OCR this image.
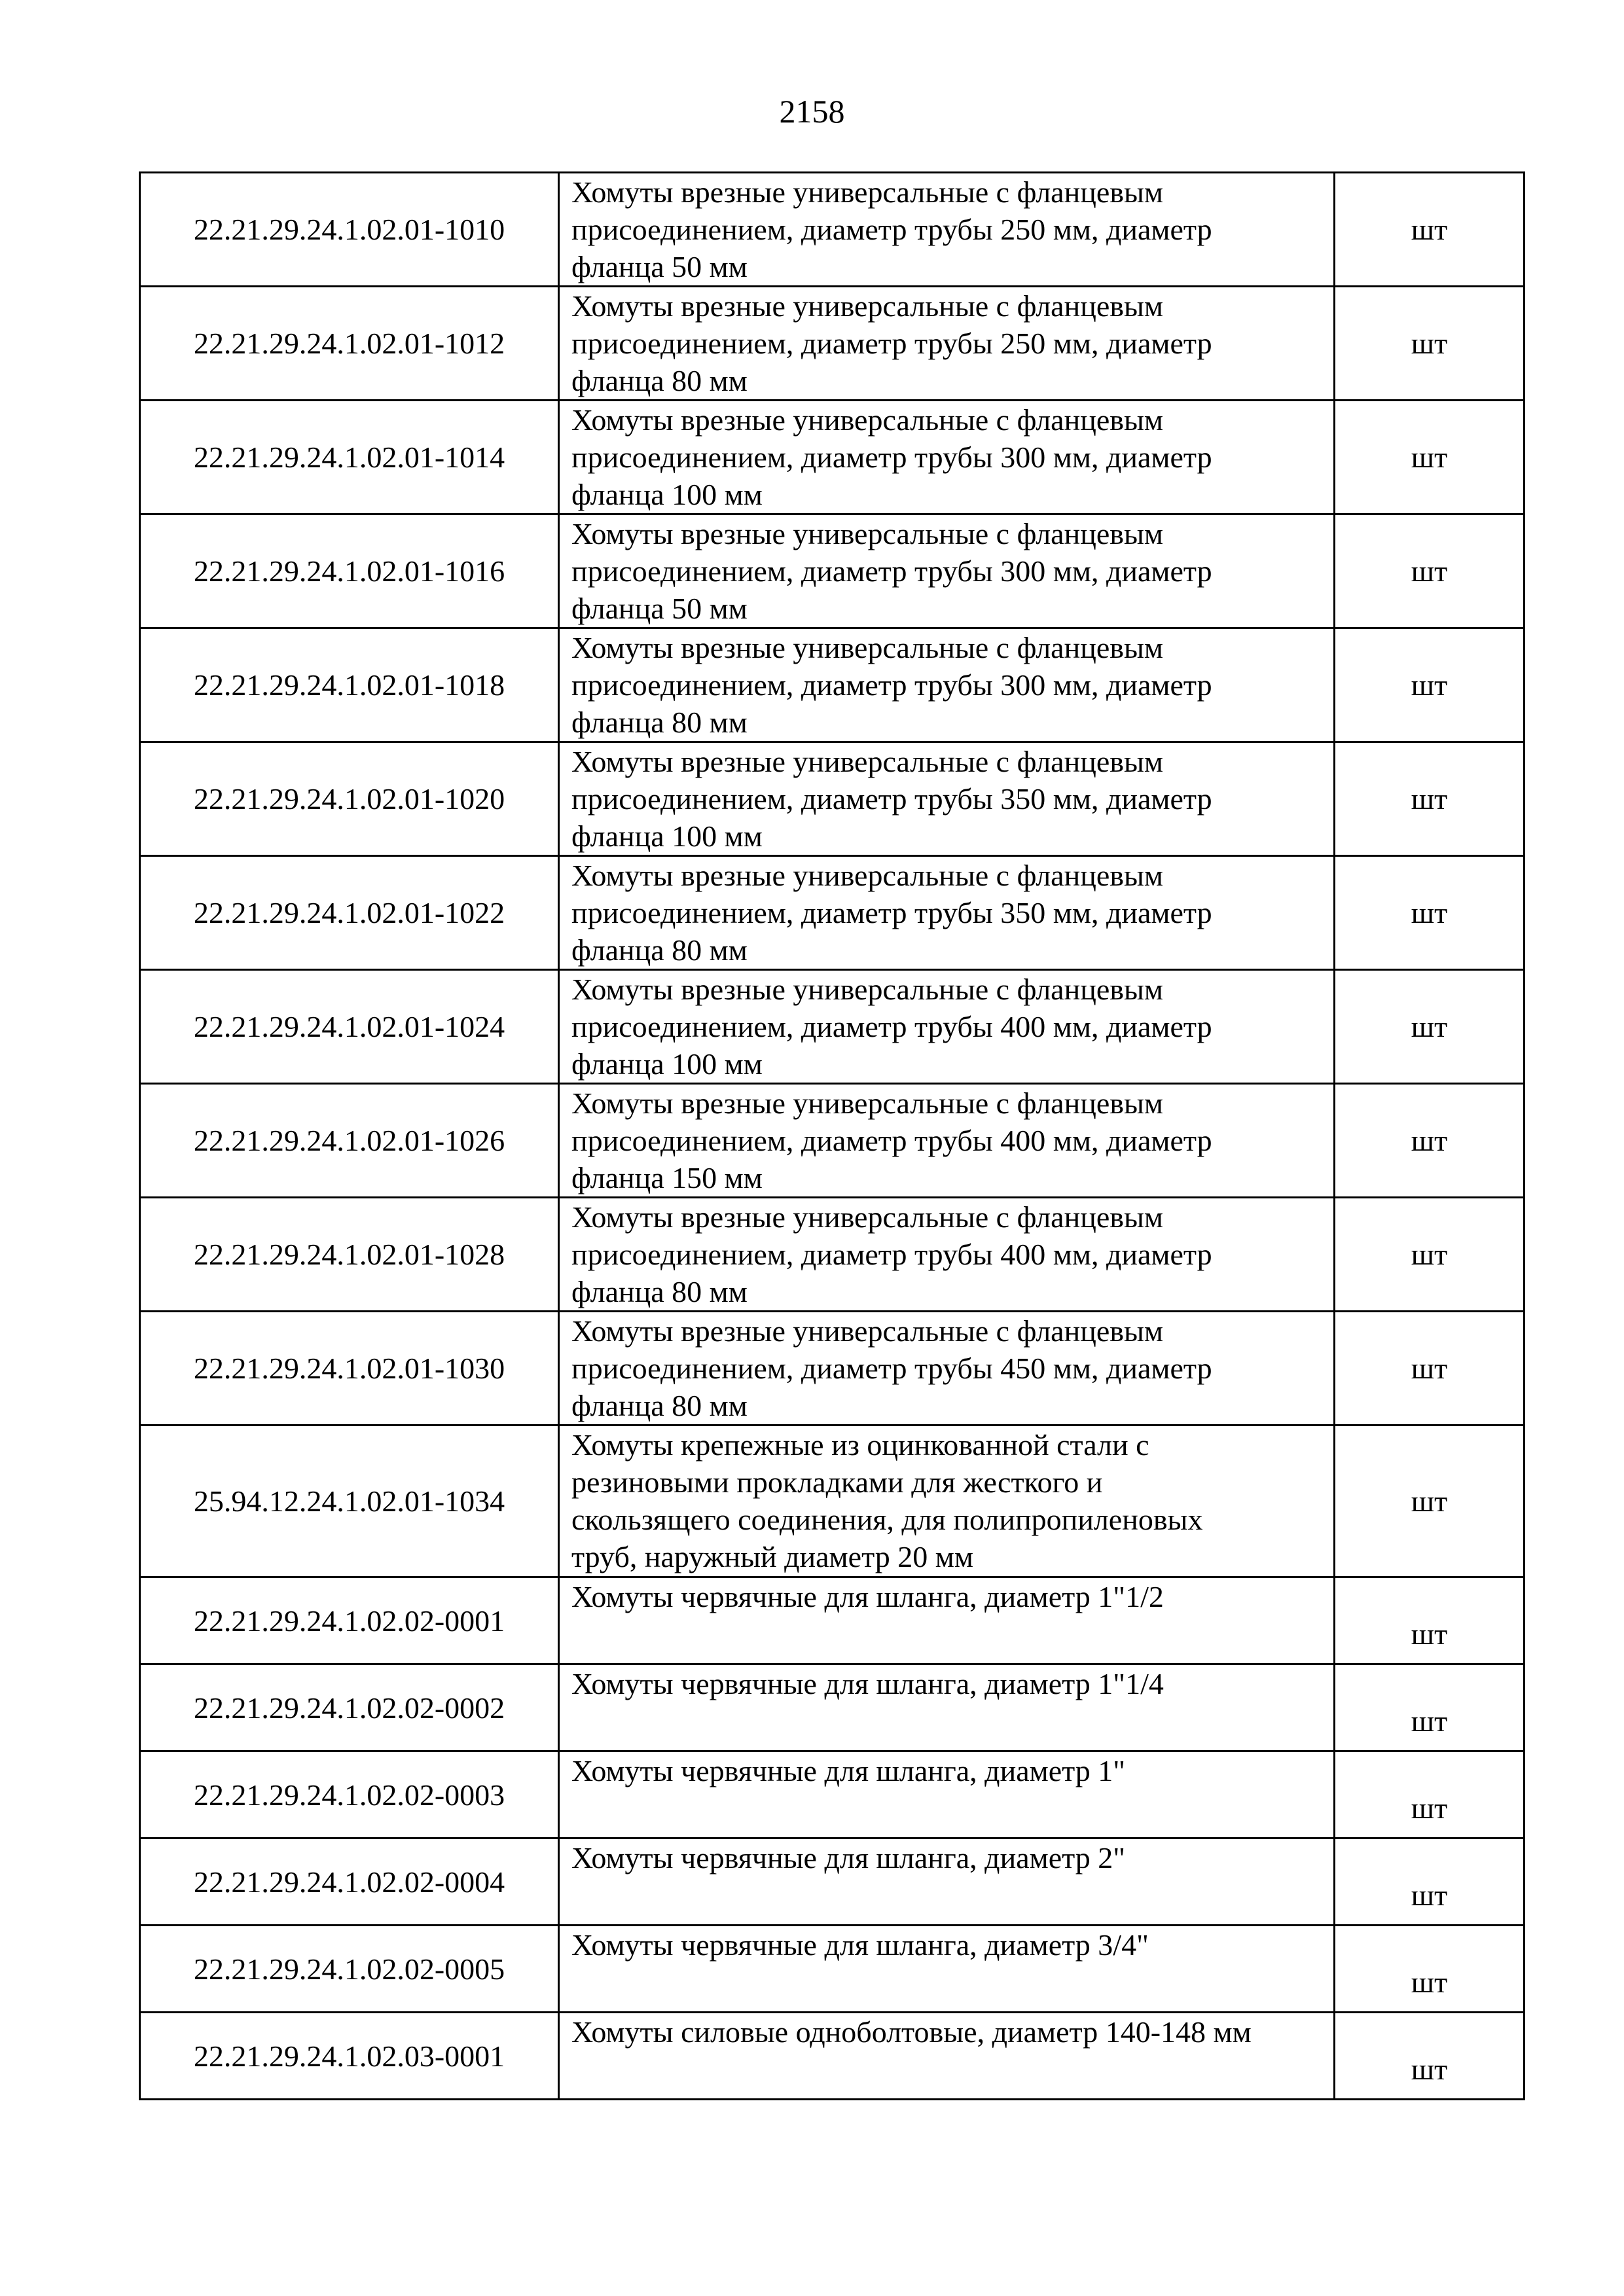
2158
22.21.29.24.1.02.01-1010	Хомуты врезные универсальные с фланцевым
присоединением, диаметр трубы 250 мм, диаметр
фланца 50 мм	шт
22.21.29.24.1.02.01-1012	Хомуты врезные универсальные с фланцевым
присоединением, диаметр трубы 250 мм, диаметр
фланца 80 мм	шт
22.21.29.24.1.02.01-1014	Хомуты врезные универсальные с фланцевым
присоединением, диаметр трубы 300 мм, диаметр
фланца 100 мм	шт
22.21.29.24.1.02.01-1016	Хомуты врезные универсальные с фланцевым
присоединением, диаметр трубы 300 мм, диаметр
фланца 50 мм	шт
22.21.29.24.1.02.01-1018	Хомуты врезные универсальные с фланцевым
присоединением, диаметр трубы 300 мм, диаметр
фланца 80 мм	шт
22.21.29.24.1.02.01-1020	Хомуты врезные универсальные с фланцевым
присоединением, диаметр трубы 350 мм, диаметр
фланца 100 мм	шт
22.21.29.24.1.02.01-1022	Хомуты врезные универсальные с фланцевым
присоединением, диаметр трубы 350 мм, диаметр
фланца 80 мм	шт
22.21.29.24.1.02.01-1024	Хомуты врезные универсальные с фланцевым
присоединением, диаметр трубы 400 мм, диаметр
фланца 100 мм	шт
22.21.29.24.1.02.01-1026	Хомуты врезные универсальные с фланцевым
присоединением, диаметр трубы 400 мм, диаметр
фланца 150 мм	шт
22.21.29.24.1.02.01-1028	Хомуты врезные универсальные с фланцевым
присоединением, диаметр трубы 400 мм, диаметр
фланца 80 мм	шт
22.21.29.24.1.02.01-1030	Хомуты врезные универсальные с фланцевым
присоединением, диаметр трубы 450 мм, диаметр
фланца 80 мм	шт
25.94.12.24.1.02.01-1034	Хомуты крепежные из оцинкованной стали с
резиновыми прокладками для жесткого и
скользящего соединения, для полипропиленовых
труб, наружный диаметр 20 мм	шт
22.21.29.24.1.02.02-0001	Хомуты червячные для шланга, диаметр 1"1/2	шт
22.21.29.24.1.02.02-0002	Хомуты червячные для шланга, диаметр 1"1/4	шт
22.21.29.24.1.02.02-0003	Хомуты червячные для шланга, диаметр 1"	шт
22.21.29.24.1.02.02-0004	Хомуты червячные для шланга, диаметр 2"	шт
22.21.29.24.1.02.02-0005	Хомуты червячные для шланга, диаметр 3/4"	шт
22.21.29.24.1.02.03-0001	Хомуты силовые одноболтовые, диаметр 140-148 мм	шт
